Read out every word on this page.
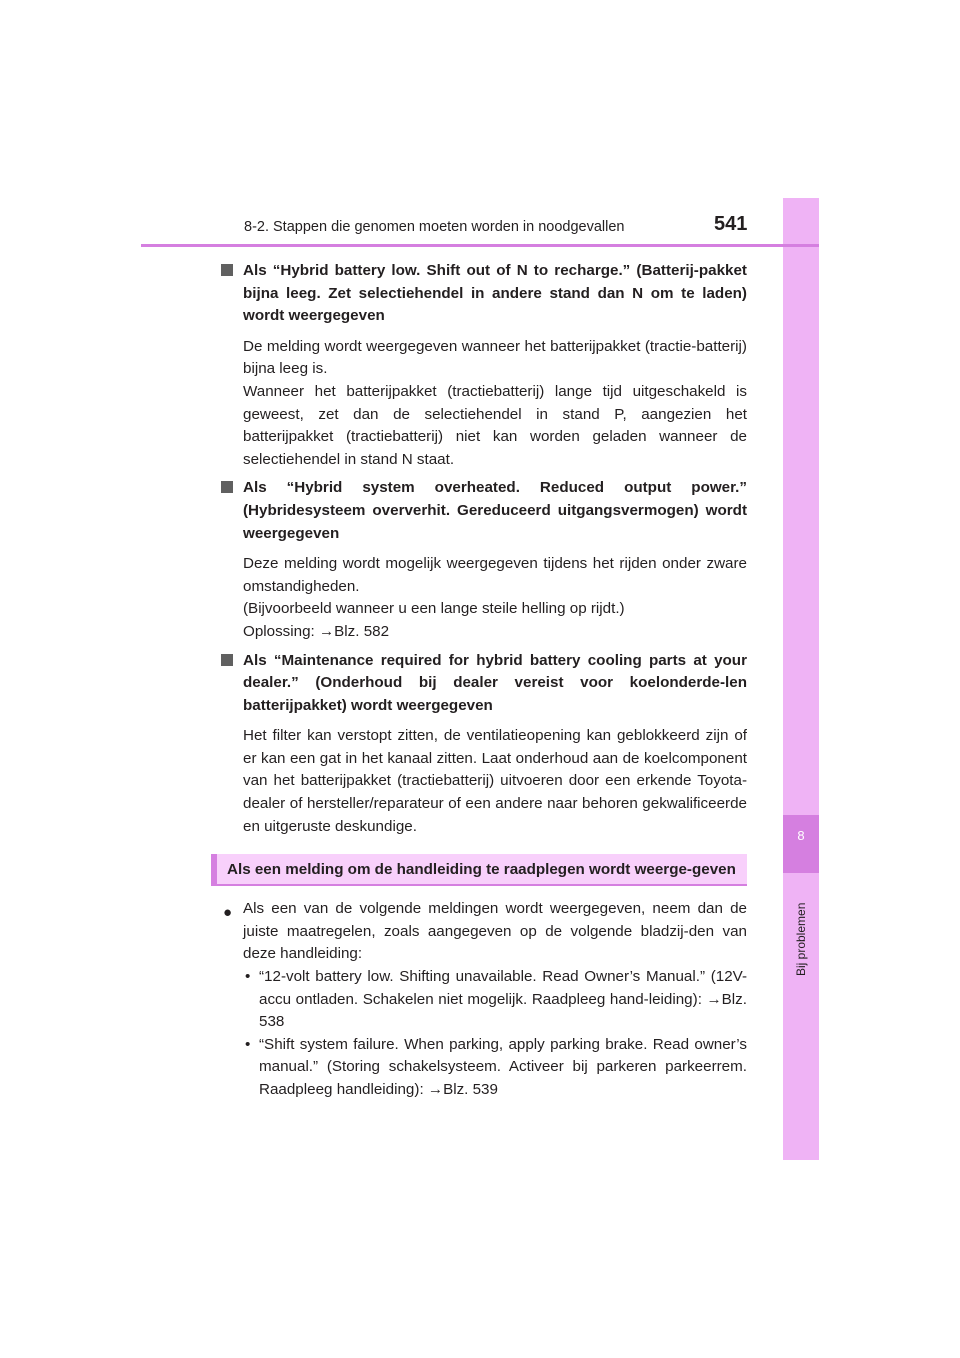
8
Bij problemen
8-2. Stappen die genomen moeten worden in noodgevallen	541
Als “Hybrid battery low. Shift out of N to recharge.” (Batterij-pakket bijna leeg. Zet selectiehendel in andere stand dan N om te laden) wordt weergegeven

De melding wordt weergegeven wanneer het batterijpakket (tractie-batterij) bijna leeg is.

Wanneer het batterijpakket (tractiebatterij) lange tijd uitgeschakeld is geweest, zet dan de selectiehendel in stand P, aangezien het batterijpakket (tractiebatterij) niet kan worden geladen wanneer de selectiehendel in stand N staat.

Als “Hybrid system overheated. Reduced output power.” (Hybridesysteem oververhit. Gereduceerd uitgangsvermogen) wordt weergegeven

Deze melding wordt mogelijk weergegeven tijdens het rijden onder zware omstandigheden.

(Bijvoorbeeld wanneer u een lange steile helling op rijdt.)

Oplossing: →Blz. 582

Als “Maintenance required for hybrid battery cooling parts at your dealer.” (Onderhoud bij dealer vereist voor koelonderde-len batterijpakket) wordt weergegeven

Het filter kan verstopt zitten, de ventilatieopening kan geblokkeerd zijn of er kan een gat in het kanaal zitten. Laat onderhoud aan de koelcomponent van het batterijpakket (tractiebatterij) uitvoeren door een erkende Toyota-dealer of hersteller/reparateur of een andere naar behoren gekwalificeerde en uitgeruste deskundige.

Als een melding om de handleiding te raadplegen wordt weerge-geven
● Als een van de volgende meldingen wordt weergegeven, neem dan de juiste maatregelen, zoals aangegeven op de volgende bladzij-den van deze handleiding:
• “12-volt battery low. Shifting unavailable. Read Owner’s Manual.” (12V-accu ontladen. Schakelen niet mogelijk. Raadpleeg hand-leiding): →Blz. 538
• “Shift system failure. When parking, apply parking brake. Read owner’s manual.” (Storing schakelsysteem. Activeer bij parkeren parkeerrem. Raadpleeg handleiding): →Blz. 539
